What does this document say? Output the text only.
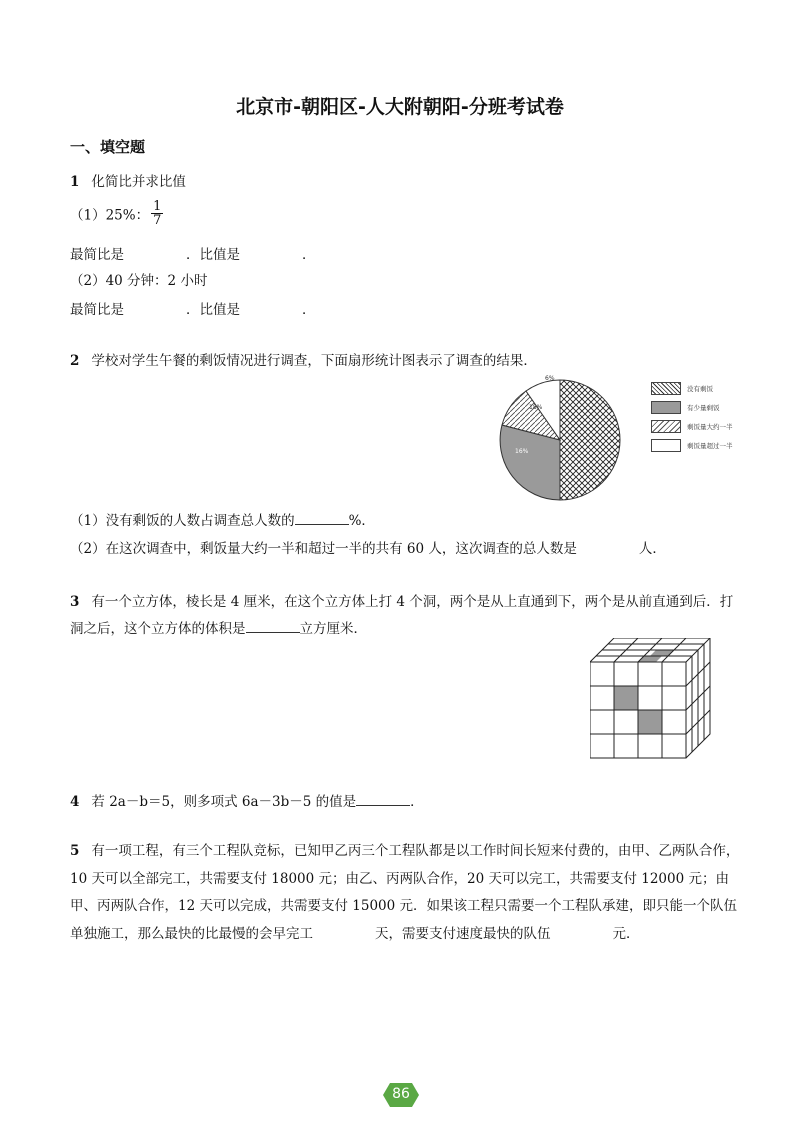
北京市-朝阳区-人大附朝阳-分班考试卷
一、填空题
1 化简比并求比值
（1）25%： $\frac{1}{7}$
最简比是	．比值是	．
（2）40 分钟：2 小时
最简比是	．比值是	．
2 学校对学生午餐的剩饭情况进行调查，下面扇形统计图表示了调查的结果．
6%
18%
16%
没有剩饭
有少量剩饭
剩饭量大约一半
剩饭量超过一半
（1）没有剩饭的人数占调查总人数的	%．
（2）在这次调查中，剩饭量大约一半和超过一半的共有 60 人，这次调查的总人数是	人．
3 有一个立方体，棱长是 4 厘米，在这个立方体上打 4 个洞，两个是从上直通到下，两个是从前直通到后．打
洞之后，这个立方体的体积是	立方厘米．
4 若 2a－b＝5，则多项式 6a－3b－5 的值是	．
5 有一项工程，有三个工程队竞标，已知甲乙丙三个工程队都是以工作时间长短来付费的，由甲、乙两队合作，10 天可以全部完工，共需要支付 18000 元；由乙、丙两队合作，20 天可以完工，共需要支付 12000 元；由甲、丙两队合作，12 天可以完成，共需要支付 15000 元．如果该工程只需要一个工程队承建，即只能一个队伍单独施工，那么最快的比最慢的会早完工	天，需要支付速度最快的队伍	元．
86
